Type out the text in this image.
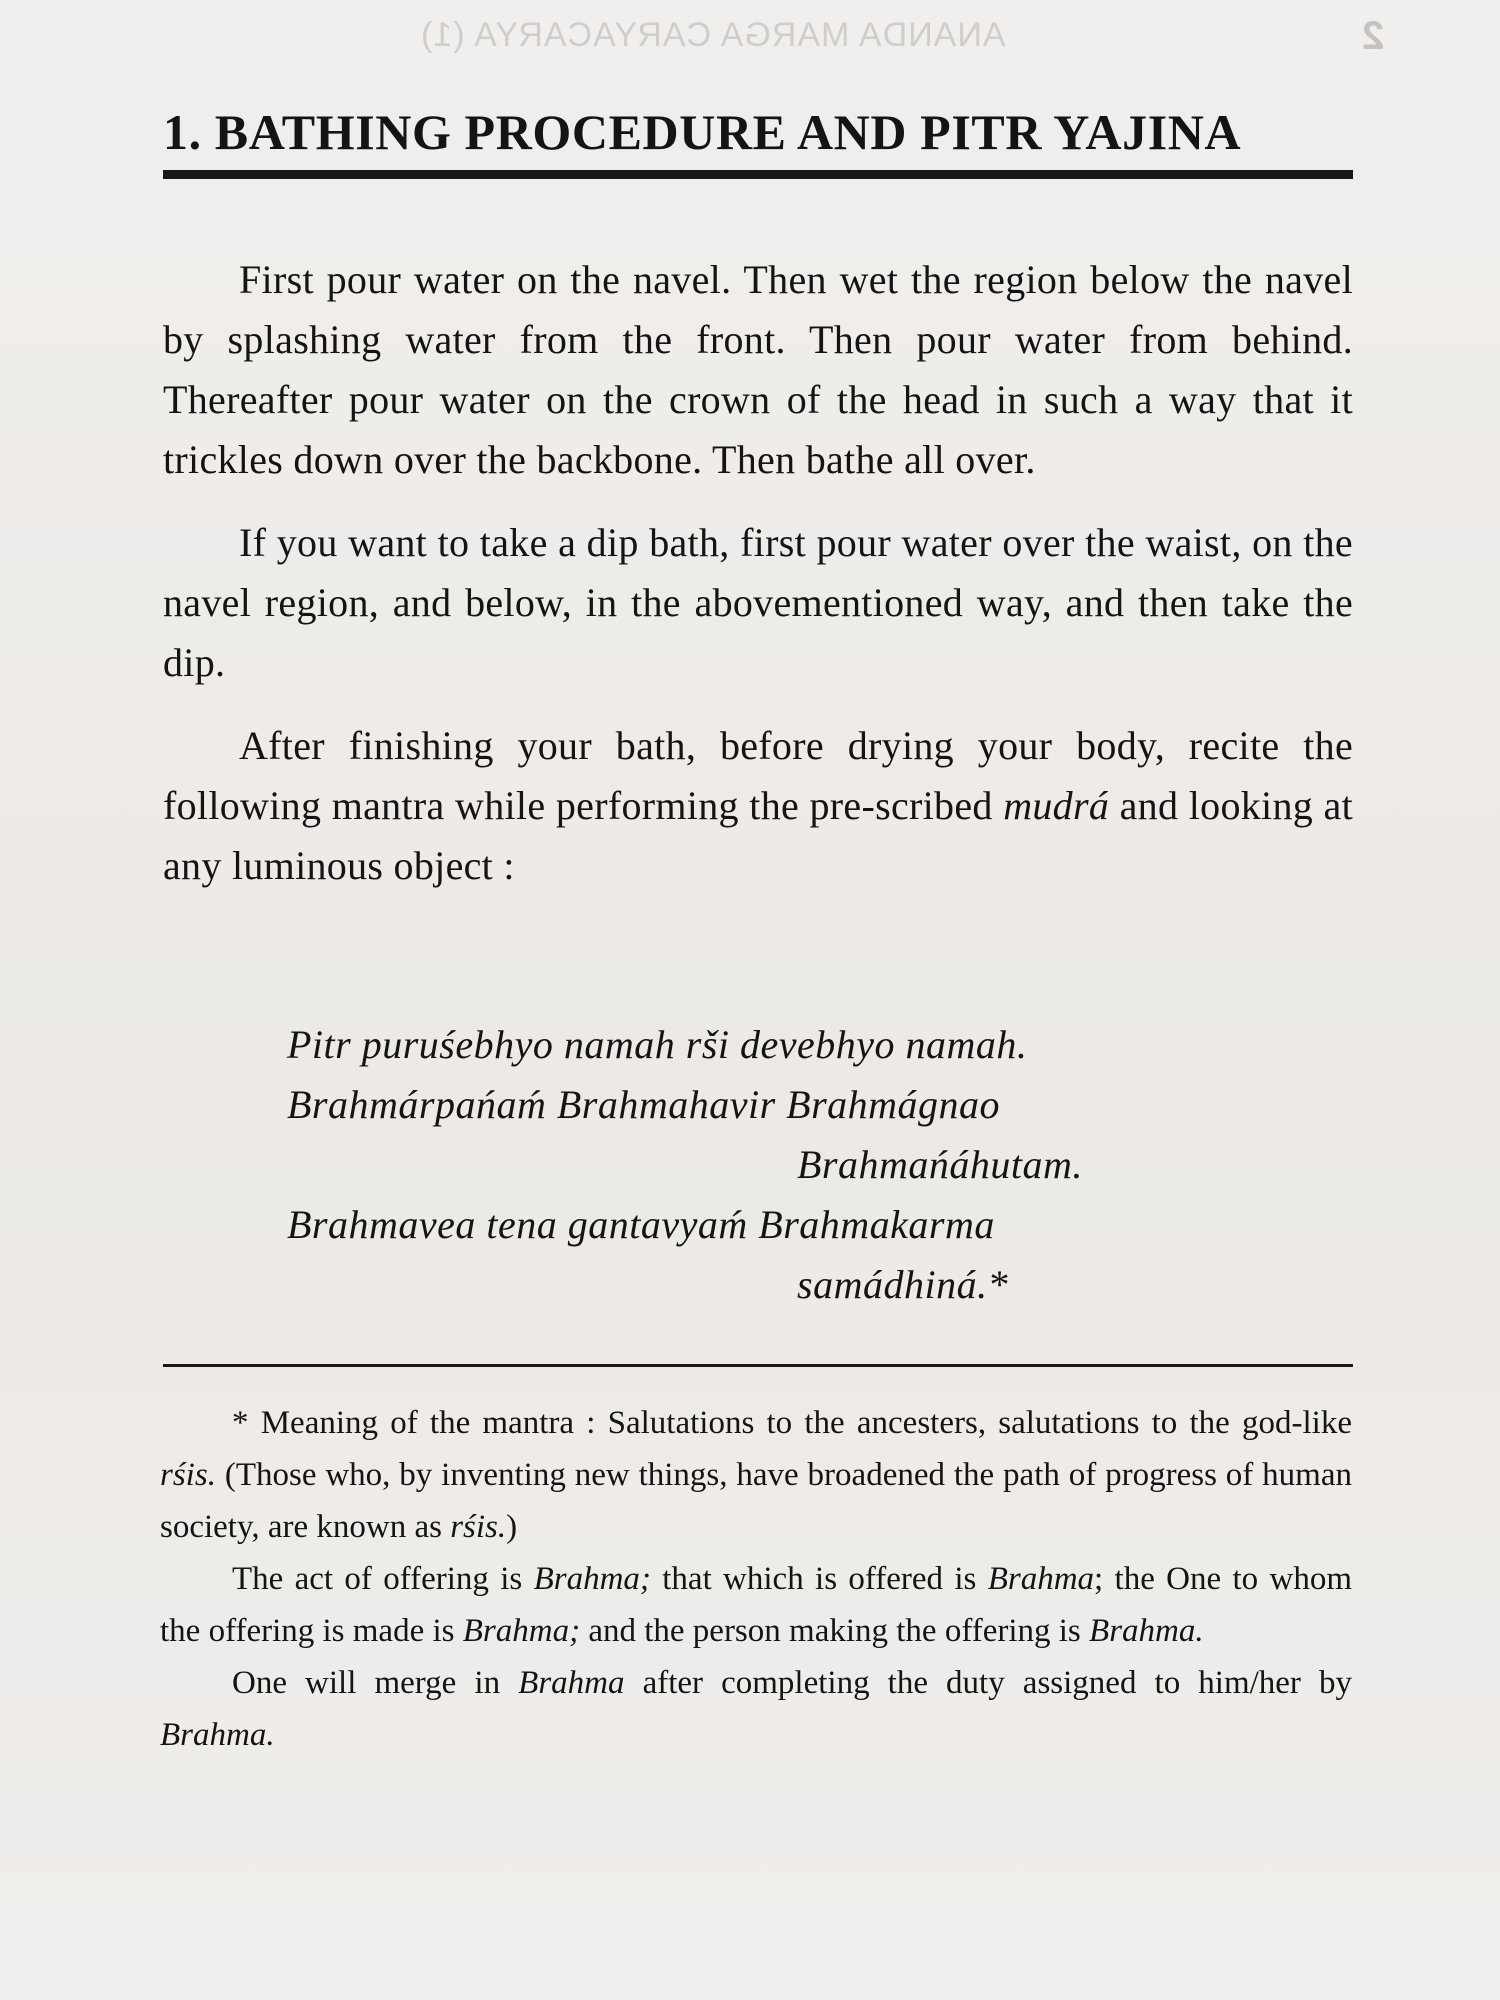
ANANDA MARGA CARYACARYA (1)	2
1. BATHING PROCEDURE AND PITR YAJINA

First pour water on the navel. Then wet the region below the navel by splashing water from the front. Then pour water from behind. Thereafter pour water on the crown of the head in such a way that it trickles down over the backbone. Then bathe all over.

If you want to take a dip bath, first pour water over the waist, on the navel region, and below, in the abovementioned way, and then take the dip.

After finishing your bath, before drying your body, recite the following mantra while performing the pre-scribed mudrá and looking at any luminous object :

Pitr puruśebhyo namah rši devebhyo namah.
Brahmárpańaḿ Brahmahavir Brahmágnao
Brahmańáhutam.
Brahmavea tena gantavyaḿ Brahmakarma
samádhiná.*

* Meaning of the mantra : Salutations to the ancesters, salutations to the god-like rśis. (Those who, by inventing new things, have broadened the path of progress of human society, are known as rśis.)

The act of offering is Brahma; that which is offered is Brahma; the One to whom the offering is made is Brahma; and the person making the offering is Brahma.

One will merge in Brahma after completing the duty assigned to him/her by Brahma.
